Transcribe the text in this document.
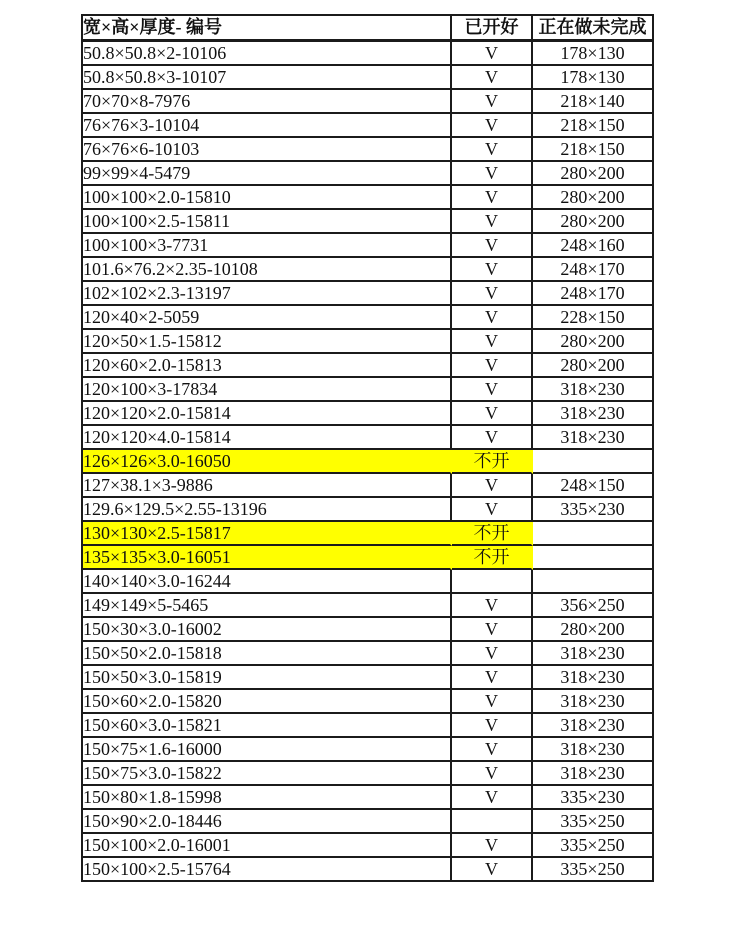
宽×高×厚度- 编号	已开好	正在做未完成
50.8×50.8×2-10106	V	178×130
50.8×50.8×3-10107	V	178×130
70×70×8-7976	V	218×140
76×76×3-10104	V	218×150
76×76×6-10103	V	218×150
99×99×4-5479	V	280×200
100×100×2.0-15810	V	280×200
100×100×2.5-15811	V	280×200
100×100×3-7731	V	248×160
101.6×76.2×2.35-10108	V	248×170
102×102×2.3-13197	V	248×170
120×40×2-5059	V	228×150
120×50×1.5-15812	V	280×200
120×60×2.0-15813	V	280×200
120×100×3-17834	V	318×230
120×120×2.0-15814	V	318×230
120×120×4.0-15814	V	318×230
126×126×3.0-16050	不开	
127×38.1×3-9886	V	248×150
129.6×129.5×2.55-13196	V	335×230
130×130×2.5-15817	不开	
135×135×3.0-16051	不开	
140×140×3.0-16244		
149×149×5-5465	V	356×250
150×30×3.0-16002	V	280×200
150×50×2.0-15818	V	318×230
150×50×3.0-15819	V	318×230
150×60×2.0-15820	V	318×230
150×60×3.0-15821	V	318×230
150×75×1.6-16000	V	318×230
150×75×3.0-15822	V	318×230
150×80×1.8-15998	V	335×230
150×90×2.0-18446		335×250
150×100×2.0-16001	V	335×250
150×100×2.5-15764	V	335×250
